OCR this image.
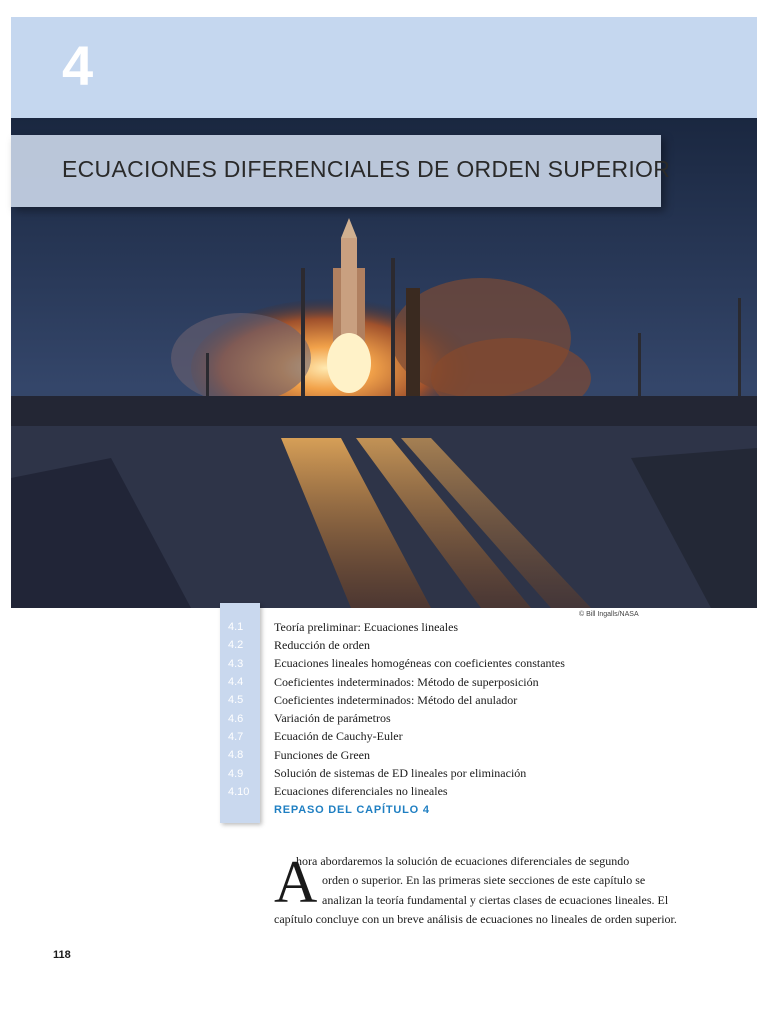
4
ECUACIONES DIFERENCIALES DE ORDEN SUPERIOR
© Bill Ingalls/NASA
4.1	Teoría preliminar: Ecuaciones lineales
4.2	Reducción de orden
4.3	Ecuaciones lineales homogéneas con coeficientes constantes
4.4	Coeficientes indeterminados: Método de superposición
4.5	Coeficientes indeterminados: Método del anulador
4.6	Variación de parámetros
4.7	Ecuación de Cauchy-Euler
4.8	Funciones de Green
4.9	Solución de sistemas de ED lineales por eliminación
4.10	Ecuaciones diferenciales no lineales
REPASO DEL CAPÍTULO 4
A
hora abordaremos la solución de ecuaciones diferenciales de segundo
orden o superior. En las primeras siete secciones de este capítulo se
analizan la teoría fundamental y ciertas clases de ecuaciones lineales. El
capítulo concluye con un breve análisis de ecuaciones no lineales de orden superior.
118
